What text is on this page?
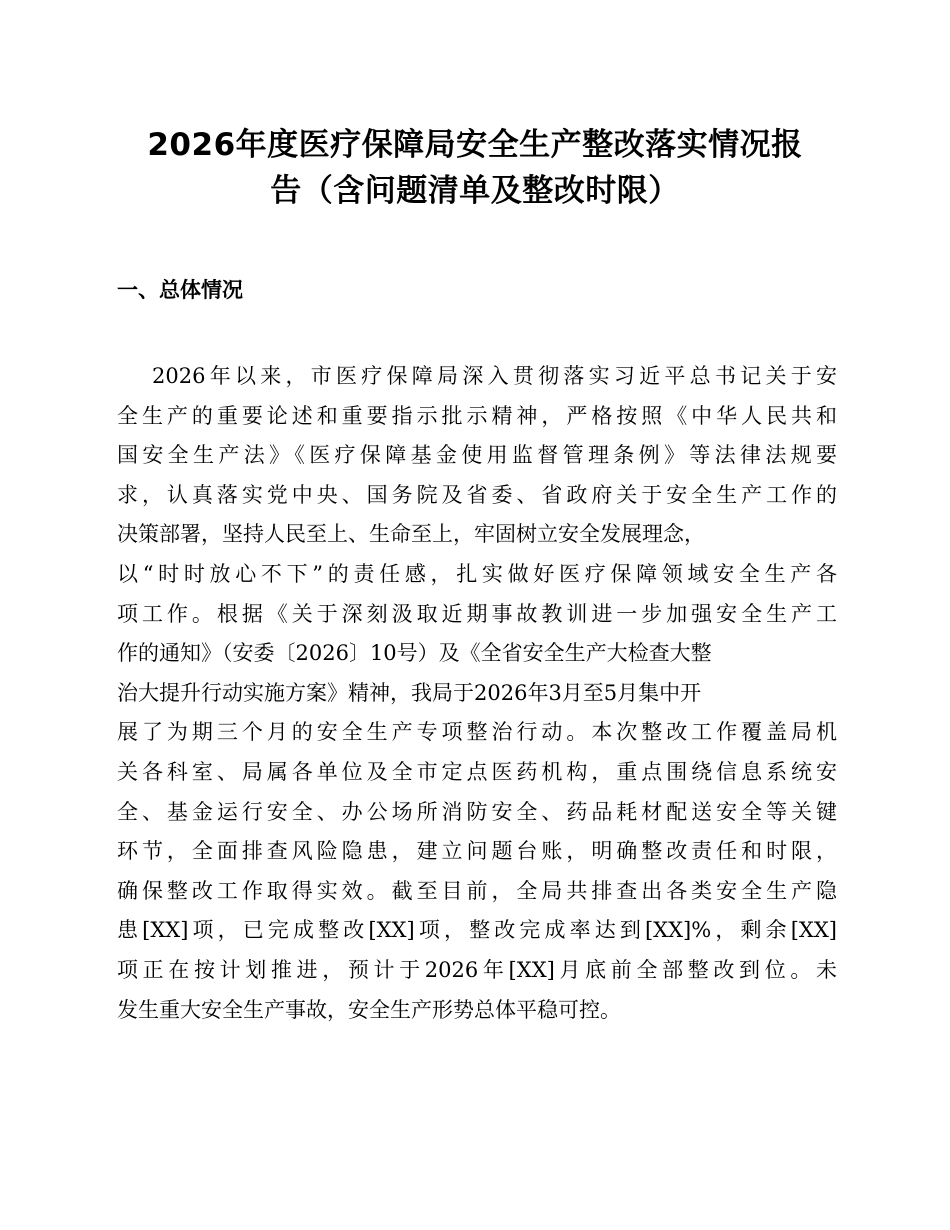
2026年度医疗保障局安全生产整改落实情况报
告（含问题清单及整改时限）
一、总体情况
2026年以来，市医疗保障局深入贯彻落实习近平总书记关于安
全生产的重要论述和重要指示批示精神，严格按照《中华人民共和
国安全生产法》《医疗保障基金使用监督管理条例》等法律法规要
求，认真落实党中央、国务院及省委、省政府关于安全生产工作的
决策部署，坚持人民至上、生命至上，牢固树立安全发展理念，
以“时时放心不下”的责任感，扎实做好医疗保障领域安全生产各
项工作。根据《关于深刻汲取近期事故教训进一步加强安全生产工
作的通知》（安委〔2026〕10号）及《全省安全生产大检查大整
治大提升行动实施方案》精神，我局于2026年3月至5月集中开
展了为期三个月的安全生产专项整治行动。本次整改工作覆盖局机
关各科室、局属各单位及全市定点医药机构，重点围绕信息系统安
全、基金运行安全、办公场所消防安全、药品耗材配送安全等关键
环节，全面排查风险隐患，建立问题台账，明确整改责任和时限，
确保整改工作取得实效。截至目前，全局共排查出各类安全生产隐
患[XX]项，已完成整改[XX]项，整改完成率达到[XX]%，剩余[XX]
项正在按计划推进，预计于2026年[XX]月底前全部整改到位。未
发生重大安全生产事故，安全生产形势总体平稳可控。
